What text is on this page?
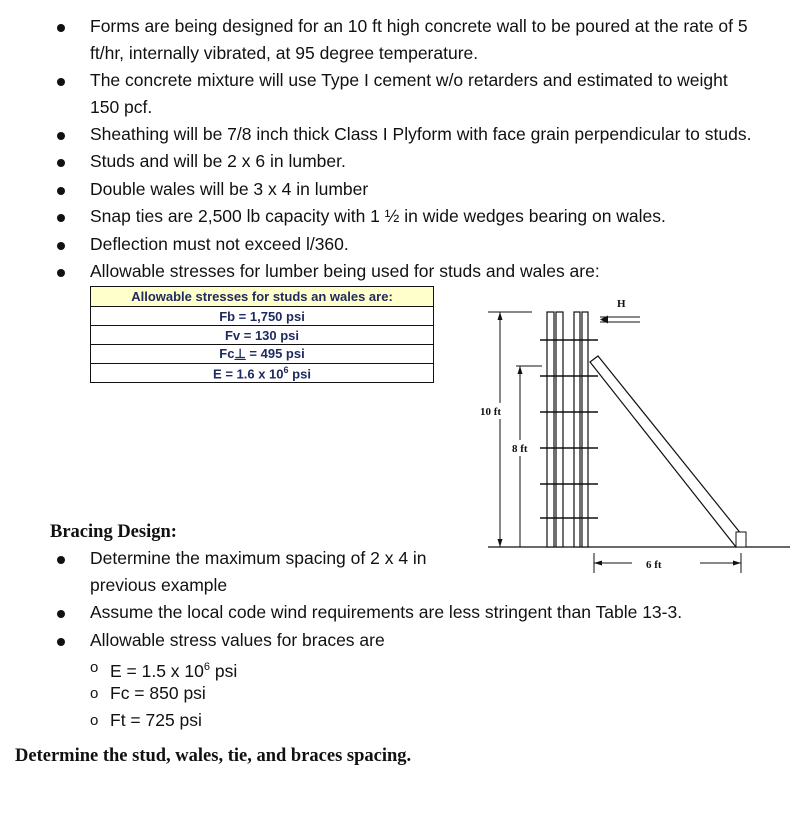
Forms are being designed for an 10 ft high concrete wall to be poured at the rate of 5
ft/hr, internally vibrated, at 95 degree temperature.
The concrete mixture will use Type I cement w/o retarders and estimated to weight
150 pcf.
Sheathing will be 7/8 inch thick Class I Plyform with face grain perpendicular to studs.
Studs and will be 2 x 6 in lumber.
Double wales will be 3 x 4 in lumber
Snap ties are 2,500 lb capacity with 1 ½ in wide wedges bearing on wales.
Deflection must not exceed l/360.
Allowable stresses for lumber being used for studs and wales are:
Allowable stresses for studs an wales are:
Fb = 1,750 psi
Fv = 130 psi
Fc⊥ = 495 psi
E = 1.6 x $10^6$ psi
10 ft
8 ft
H
6 ft
Bracing Design:
Determine the maximum spacing of 2 x 4 in
previous example
Assume the local code wind requirements are less stringent than Table 13-3.
Allowable stress values for braces are
o E = 1.5 x $10^6$ psi
o Fc = 850 psi
o Ft = 725 psi
Determine the stud, wales, tie, and braces spacing.
